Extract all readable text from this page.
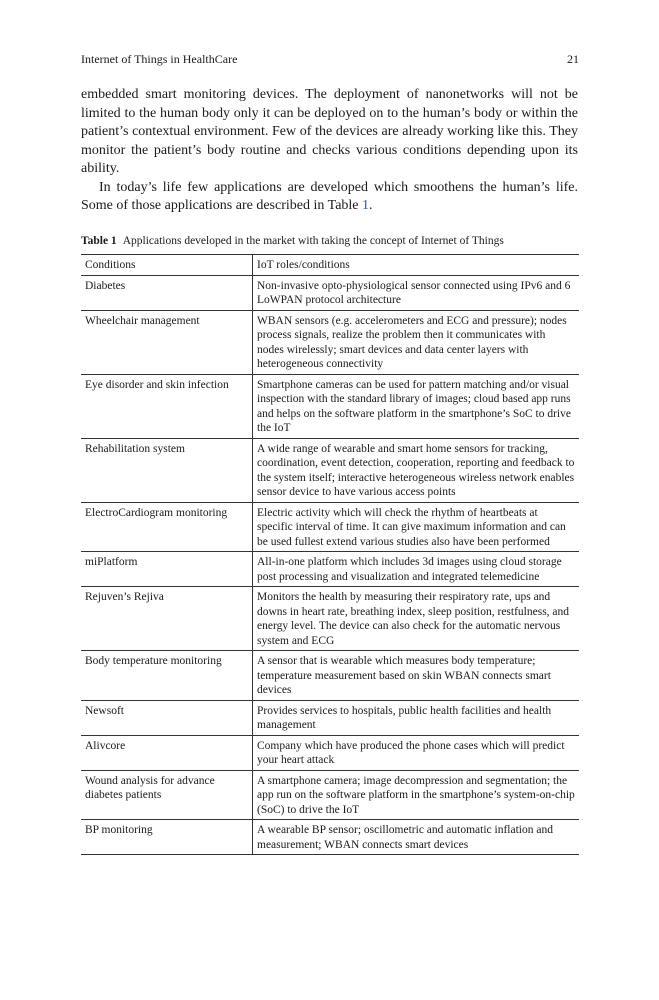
Internet of Things in HealthCare	21

embedded smart monitoring devices. The deployment of nanonetworks will not be limited to the human body only it can be deployed on to the human’s body or within the patient’s contextual environment. Few of the devices are already working like this. They monitor the patient’s body routine and checks various conditions depending upon its ability.

In today’s life few applications are developed which smoothens the human’s life. Some of those applications are described in Table 1.

Table 1 Applications developed in the market with taking the concept of Internet of Things
Conditions	IoT roles/conditions
Diabetes	Non-invasive opto-physiological sensor connected using IPv6 and 6 LoWPAN protocol architecture
Wheelchair management	WBAN sensors (e.g. accelerometers and ECG and pressure); nodes process signals, realize the problem then it communicates with nodes wirelessly; smart devices and data center layers with heterogeneous connectivity
Eye disorder and skin infection	Smartphone cameras can be used for pattern matching and/or visual inspection with the standard library of images; cloud based app runs and helps on the software platform in the smartphone’s SoC to drive the IoT
Rehabilitation system	A wide range of wearable and smart home sensors for tracking, coordination, event detection, cooperation, reporting and feedback to the system itself; interactive heterogeneous wireless network enables sensor device to have various access points
ElectroCardiogram monitoring	Electric activity which will check the rhythm of heartbeats at specific interval of time. It can give maximum information and can be used fullest extend various studies also have been performed
miPlatform	All-in-one platform which includes 3d images using cloud storage post processing and visualization and integrated telemedicine
Rejuven’s Rejiva	Monitors the health by measuring their respiratory rate, ups and downs in heart rate, breathing index, sleep position, restfulness, and energy level. The device can also check for the automatic nervous system and ECG
Body temperature monitoring	A sensor that is wearable which measures body temperature; temperature measurement based on skin WBAN connects smart devices
Newsoft	Provides services to hospitals, public health facilities and health management
Alivcore	Company which have produced the phone cases which will predict your heart attack
Wound analysis for advance diabetes patients	A smartphone camera; image decompression and segmentation; the app run on the software platform in the smartphone’s system-on-chip (SoC) to drive the IoT
BP monitoring	A wearable BP sensor; oscillometric and automatic inflation and measurement; WBAN connects smart devices
